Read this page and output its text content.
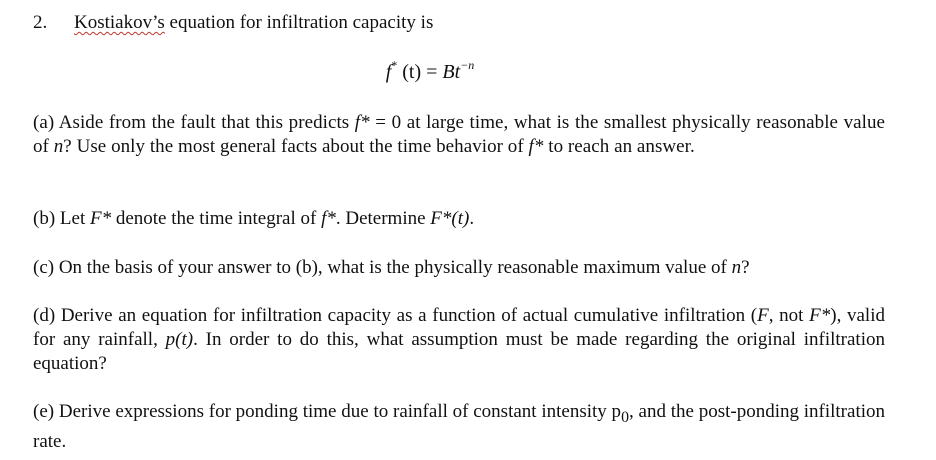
2. Kostiakov’s equation for infiltration capacity is
f* $(t) = Bt^{-n}$
(a) Aside from the fault that this predicts f* = 0 at large time, what is the smallest physically reasonable value of n? Use only the most general facts about the time behavior of f* to reach an answer.
(b) Let F* denote the time integral of f*. Determine F*(t).
(c) On the basis of your answer to (b), what is the physically reasonable maximum value of n?
(d) Derive an equation for infiltration capacity as a function of actual cumulative infiltration (F, not F*), valid for any rainfall, p(t). In order to do this, what assumption must be made regarding the original infiltration equation?
(e) Derive expressions for ponding time due to rainfall of constant intensity $p_0$, and the post-ponding infiltration rate.
